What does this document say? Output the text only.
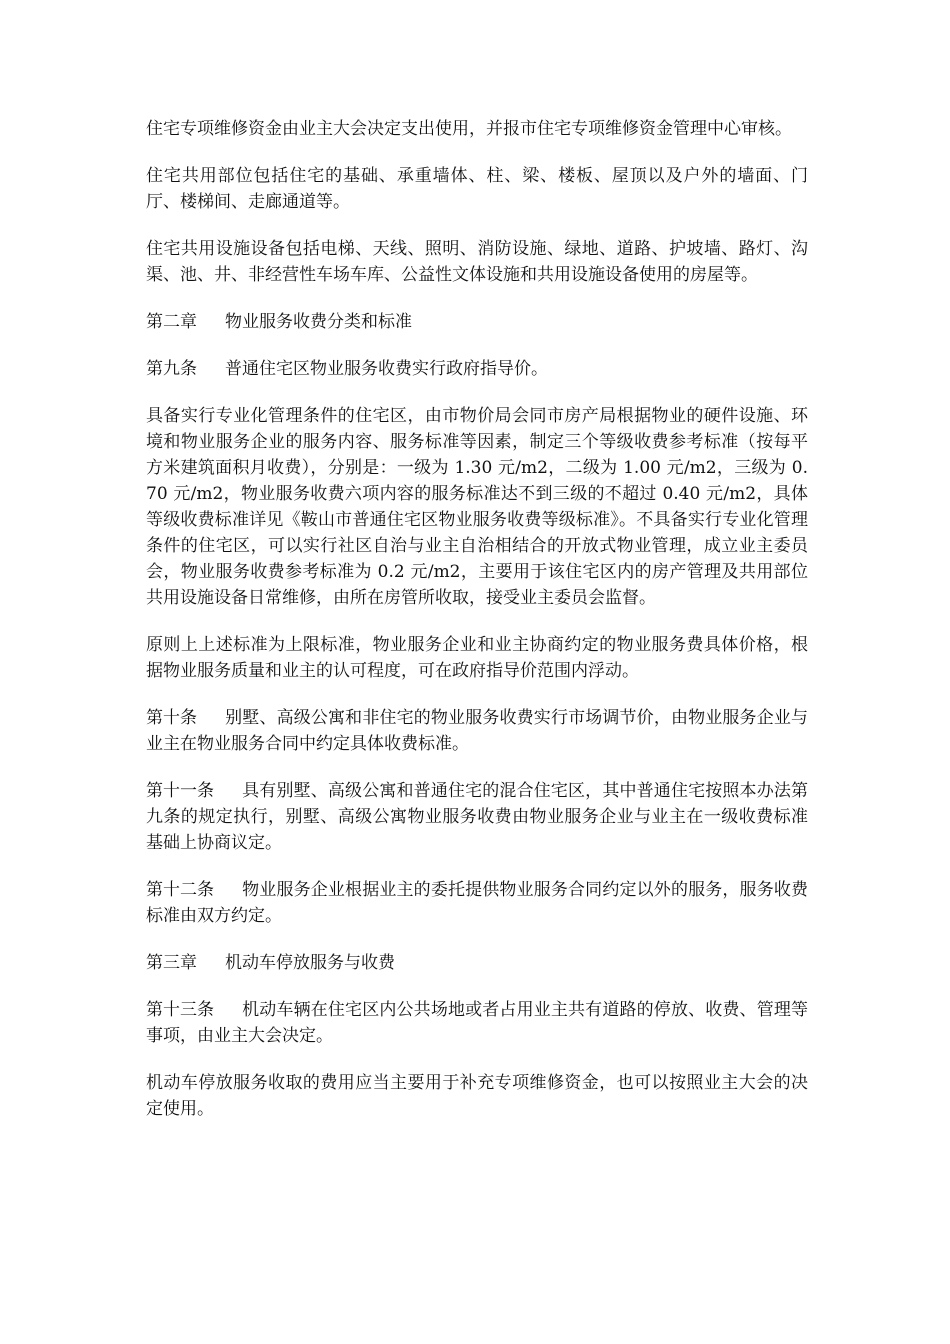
住宅专项维修资金由业主大会决定支出使用，并报市住宅专项维修资金管理中心审核。

住宅共用部位包括住宅的基础、承重墙体、柱、梁、楼板、屋顶以及户外的墙面、门厅、楼梯间、走廊通道等。

住宅共用设施设备包括电梯、天线、照明、消防设施、绿地、道路、护坡墙、路灯、沟渠、池、井、非经营性车场车库、公益性文体设施和共用设施设备使用的房屋等。

第二章 物业服务收费分类和标准

第九条 普通住宅区物业服务收费实行政府指导价。

具备实行专业化管理条件的住宅区，由市物价局会同市房产局根据物业的硬件设施、环境和物业服务企业的服务内容、服务标准等因素，制定三个等级收费参考标准（按每平方米建筑面积月收费），分别是：一级为 1.30 元/m2，二级为 1.00 元/m2，三级为 0.70 元/m2，物业服务收费六项内容的服务标准达不到三级的不超过 0.40 元/m2，具体等级收费标准详见《鞍山市普通住宅区物业服务收费等级标准》。不具备实行专业化管理条件的住宅区，可以实行社区自治与业主自治相结合的开放式物业管理，成立业主委员会，物业服务收费参考标准为 0.2 元/m2，主要用于该住宅区内的房产管理及共用部位共用设施设备日常维修，由所在房管所收取，接受业主委员会监督。

原则上上述标准为上限标准，物业服务企业和业主协商约定的物业服务费具体价格，根据物业服务质量和业主的认可程度，可在政府指导价范围内浮动。

第十条 别墅、高级公寓和非住宅的物业服务收费实行市场调节价，由物业服务企业与业主在物业服务合同中约定具体收费标准。

第十一条 具有别墅、高级公寓和普通住宅的混合住宅区，其中普通住宅按照本办法第九条的规定执行，别墅、高级公寓物业服务收费由物业服务企业与业主在一级收费标准基础上协商议定。

第十二条 物业服务企业根据业主的委托提供物业服务合同约定以外的服务，服务收费标准由双方约定。

第三章 机动车停放服务与收费

第十三条 机动车辆在住宅区内公共场地或者占用业主共有道路的停放、收费、管理等事项，由业主大会决定。

机动车停放服务收取的费用应当主要用于补充专项维修资金，也可以按照业主大会的决定使用。
